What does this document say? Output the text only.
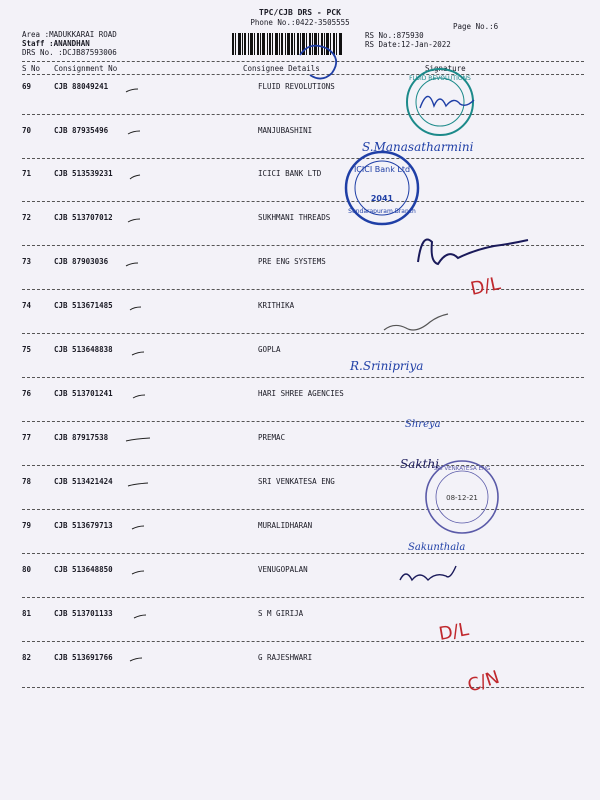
TPC/CJB DRS - PCK
Phone No.:0422-3505555	Page No.:6
Area :MADUKKARAI ROAD
Staff :ANANDHAN
DRS No. :DCJB87593006
RS No.:875930
RS Date:12-Jan-2022
S No Consignment No	Consignee Details	Signature
69	CJB 88049241	FLUID REVOLUTIONS
70	CJB 87935496	MANJUBASHINI
71	CJB 513539231	ICICI BANK LTD
72	CJB 513707012	SUKHMANI THREADS
73	CJB 87903036	PRE ENG SYSTEMS
74	CJB 513671485	KRITHIKA
75	CJB 513648838	GOPLA
76	CJB 513701241	HARI SHREE AGENCIES
77	CJB 87917538	PREMAC
78	CJB 513421424	SRI VENKATESA ENG
79	CJB 513679713	MURALIDHARAN
80	CJB 513648850	VENUGOPALAN
81	CJB 513701133	S M GIRIJA
82	CJB 513691766	G RAJESHWARI
FLUID REVOLUTIONS
ICICI Bank Ltd
2041
Sundarapuram Branch
SRI VENKATESA ENG
08-12-21
S.Manasatharmini
R.Srinipriya
Shreya
Sakthi
Sakunthala
D/L
D/L
C/N
